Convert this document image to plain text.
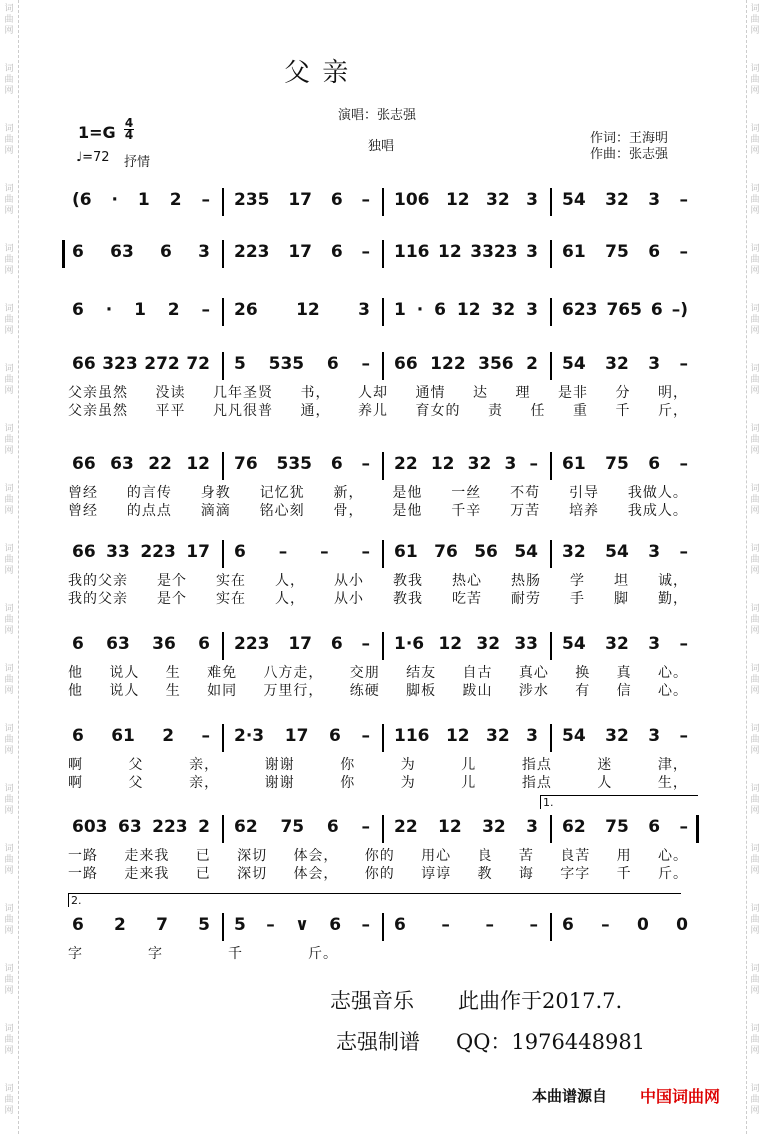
词
曲
网
词
曲
网
词
曲
网
词
曲
网
词
曲
网
词
曲
网
词
曲
网
词
曲
网
词
曲
网
词
曲
网
词
曲
网
词
曲
网
词
曲
网
词
曲
网
词
曲
网
词
曲
网
词
曲
网
词
曲
网
词
曲
网
词
曲
网
词
曲
网
词
曲
网
词
曲
网
词
曲
网
词
曲
网
词
曲
网
词
曲
网
词
曲
网
词
曲
网
词
曲
网
词
曲
网
词
曲
网
词
曲
网
词
曲
网
词
曲
网
词
曲
网
词
曲
网
词
曲
网
父 亲
演唱：张志强
1=G 4
4
♩=72 抒情
独唱
作词：王海明
作曲：张志强
(6 · 1 2 – 235 17 6 – 106 12 32 3 54 32 3 –
6 63 6 3 223 17 6 – 116 12 3323 3 61 75 6 –
6 · 1 2 – 26 12 3 1 · 6 12 32 3 623 765 6 –)
66 323 272 72 5 535 6 – 66 122 356 2 54 32 3 –
父亲虽然 没读 几年圣贤 书， 人却 通情 达 理 是非 分 明，
父亲虽然 平平 凡凡很普 通， 养儿 育女的 责 任 重 千 斤，
66 63 22 12 76 535 6 – 22 12 32 3 – 61 75 6 –
曾经 的言传 身教 记忆犹 新， 是他 一丝 不苟 引导 我做人。
曾经 的点点 滴滴 铭心刻 骨， 是他 千辛 万苦 培养 我成人。
66 33 223 17 6 – – – 61 76 56 54 32 54 3 –
我的父亲 是个 实在 人， 从小 教我 热心 热肠 学 坦 诚，
我的父亲 是个 实在 人， 从小 教我 吃苦 耐劳 手 脚 勤，
6 63 36 6 223 17 6 – 1·6 12 32 33 54 32 3 –
他 说人 生 难免 八方走， 交朋 结友 自古 真心 换 真 心。
他 说人 生 如同 万里行， 练硬 脚板 跋山 涉水 有 信 心。
6 61 2 – 2·3 17 6 – 116 12 32 3 54 32 3 –
啊	父	亲，	谢谢	你	为	儿	指点	迷	津，
啊	父	亲，	谢谢	你	为	儿	指点	人	生，
603 63 223 2 62 75 6 – 22 12 32 3 62 75 6 –
1.
一路 走来我 已 深切 体会， 你的 用心 良 苦 良苦 用 心。
一路 走来我 已 深切 体会， 你的 谆谆 教 诲 字字 千 斤。
6 2 7 5 5 – ∨ 6 – 6 – – – 6 – 0 0
2.
字	字	千	斤。
志强音乐 此曲作于2017.7.
志强制谱 QQ：1976448981
本曲谱源自 中国词曲网
